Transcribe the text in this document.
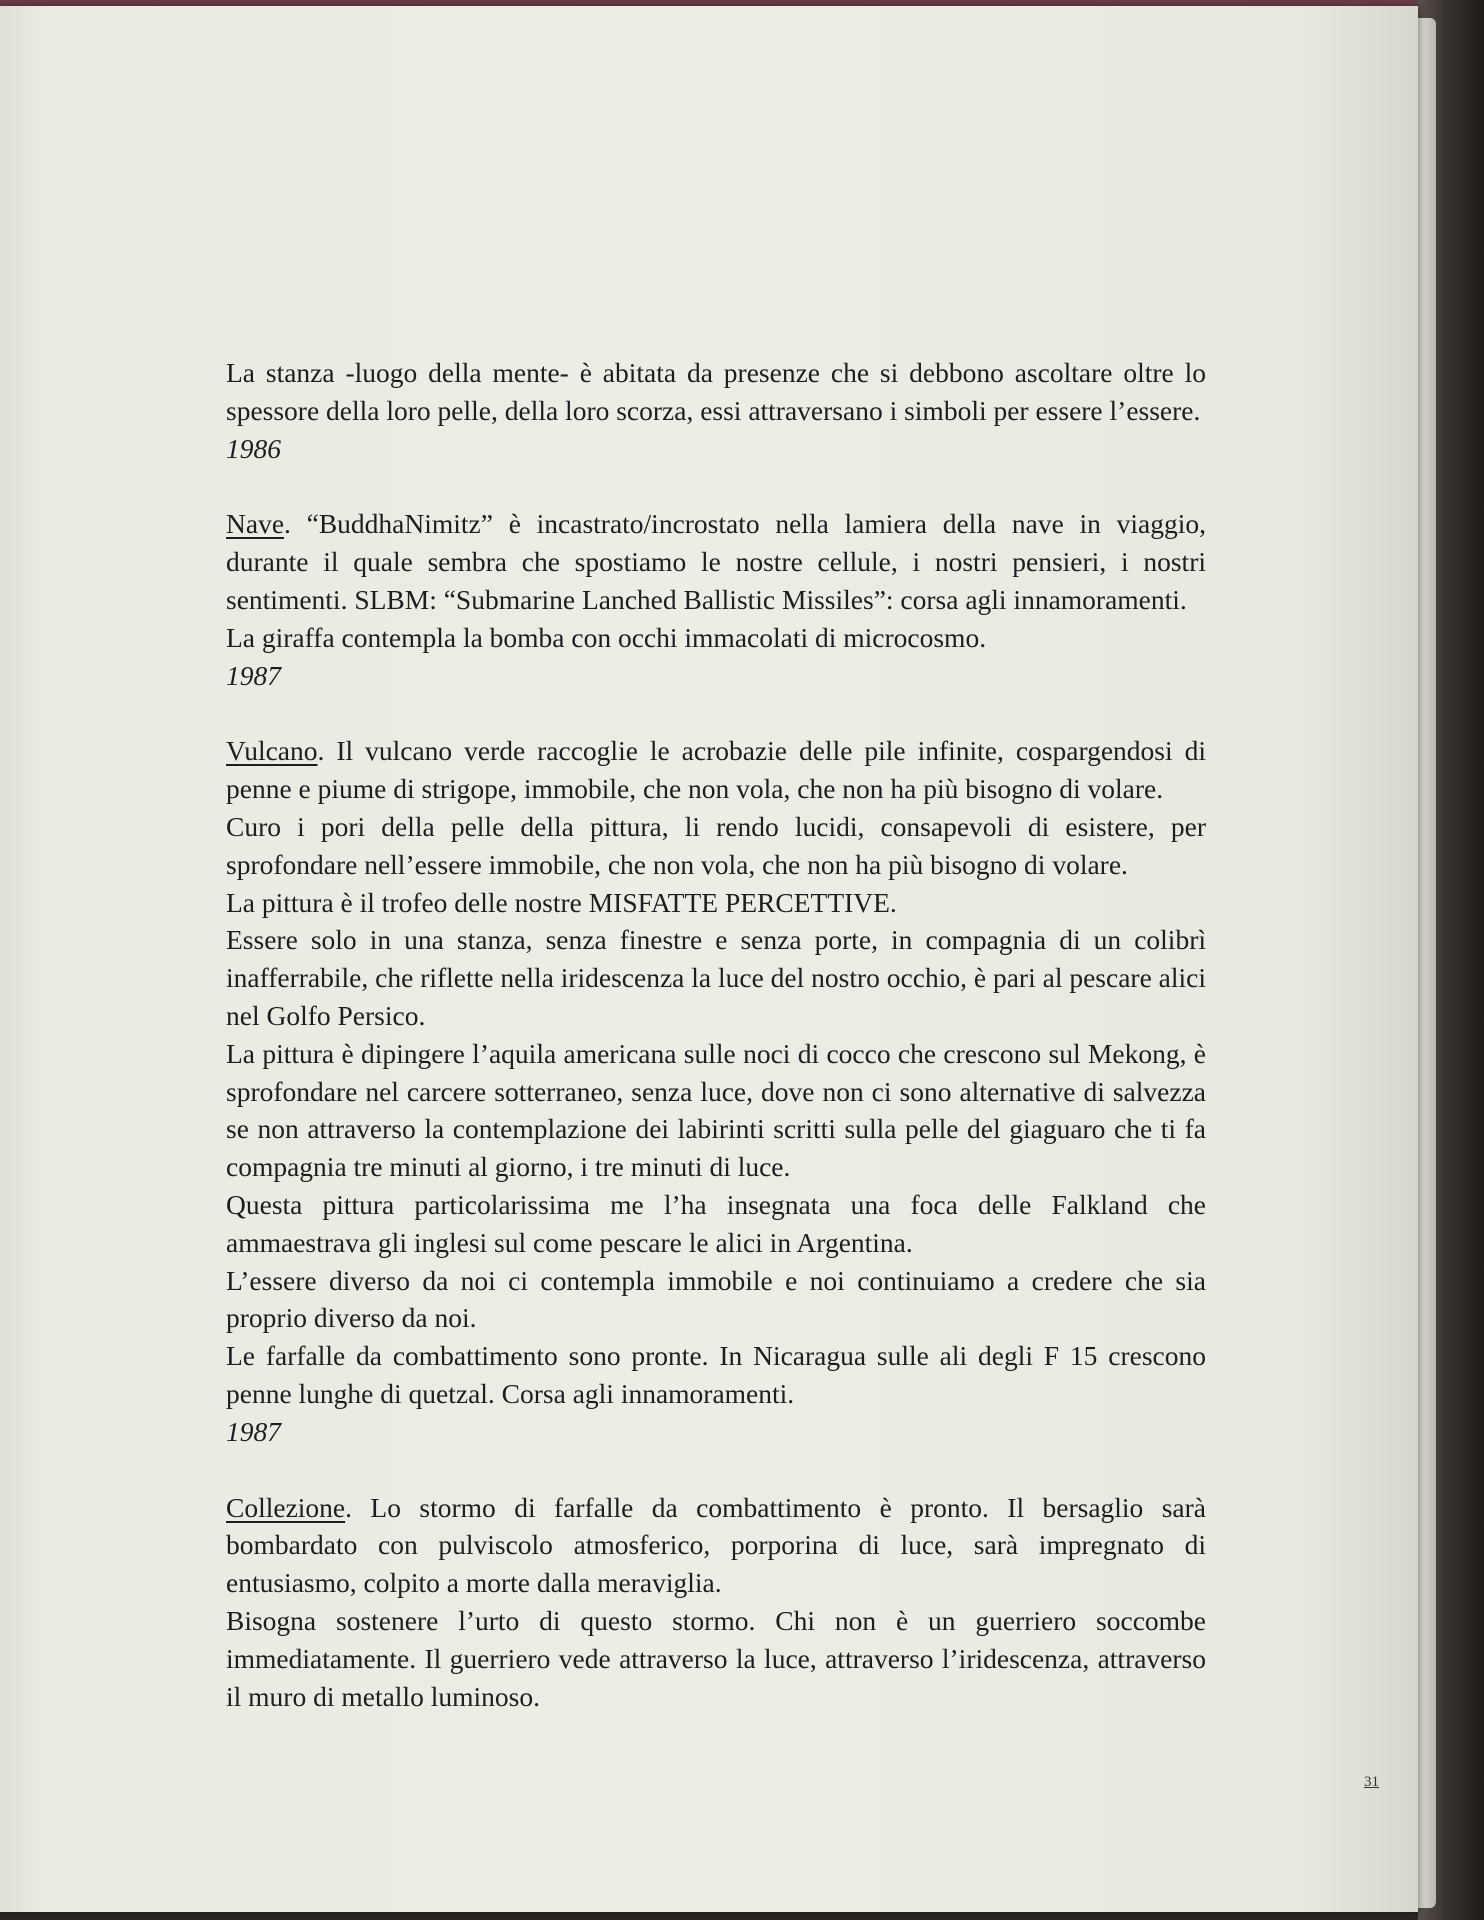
La stanza -luogo della mente- è abitata da presenze che si debbono ascoltare oltre lo spessore della loro pelle, della loro scorza, essi attraversano i simboli per essere l’essere.

1986

Nave. “BuddhaNimitz” è incastrato/incrostato nella lamiera della nave in viaggio, durante il quale sembra che spostiamo le nostre cellule, i nostri pensieri, i nostri sentimenti. SLBM: “Submarine Lanched Ballistic Missiles”: corsa agli innamoramenti.

La giraffa contempla la bomba con occhi immacolati di microcosmo.

1987

Vulcano. Il vulcano verde raccoglie le acrobazie delle pile infinite, cospargendosi di penne e piume di strigope, immobile, che non vola, che non ha più bisogno di volare.

Curo i pori della pelle della pittura, li rendo lucidi, consapevoli di esistere, per sprofondare nell’essere immobile, che non vola, che non ha più bisogno di volare.

La pittura è il trofeo delle nostre MISFATTE PERCETTIVE.

Essere solo in una stanza, senza finestre e senza porte, in compagnia di un colibrì inafferrabile, che riflette nella iridescenza la luce del nostro occhio, è pari al pescare alici nel Golfo Persico.

La pittura è dipingere l’aquila americana sulle noci di cocco che crescono sul Mekong, è sprofondare nel carcere sotterraneo, senza luce, dove non ci sono alternative di salvezza se non attraverso la contemplazione dei labirinti scritti sulla pelle del giaguaro che ti fa compagnia tre minuti al giorno, i tre minuti di luce.

Questa pittura particolarissima me l’ha insegnata una foca delle Falkland che ammaestrava gli inglesi sul come pescare le alici in Argentina.

L’essere diverso da noi ci contempla immobile e noi continuiamo a credere che sia proprio diverso da noi.

Le farfalle da combattimento sono pronte. In Nicaragua sulle ali degli F 15 crescono penne lunghe di quetzal. Corsa agli innamoramenti.

1987

Collezione. Lo stormo di farfalle da combattimento è pronto. Il bersaglio sarà bombardato con pulviscolo atmosferico, porporina di luce, sarà impregnato di entusiasmo, colpito a morte dalla meraviglia.

Bisogna sostenere l’urto di questo stormo. Chi non è un guerriero soccombe immediatamente. Il guerriero vede attraverso la luce, attraverso l’iridescenza, attraverso il muro di metallo luminoso.

31
